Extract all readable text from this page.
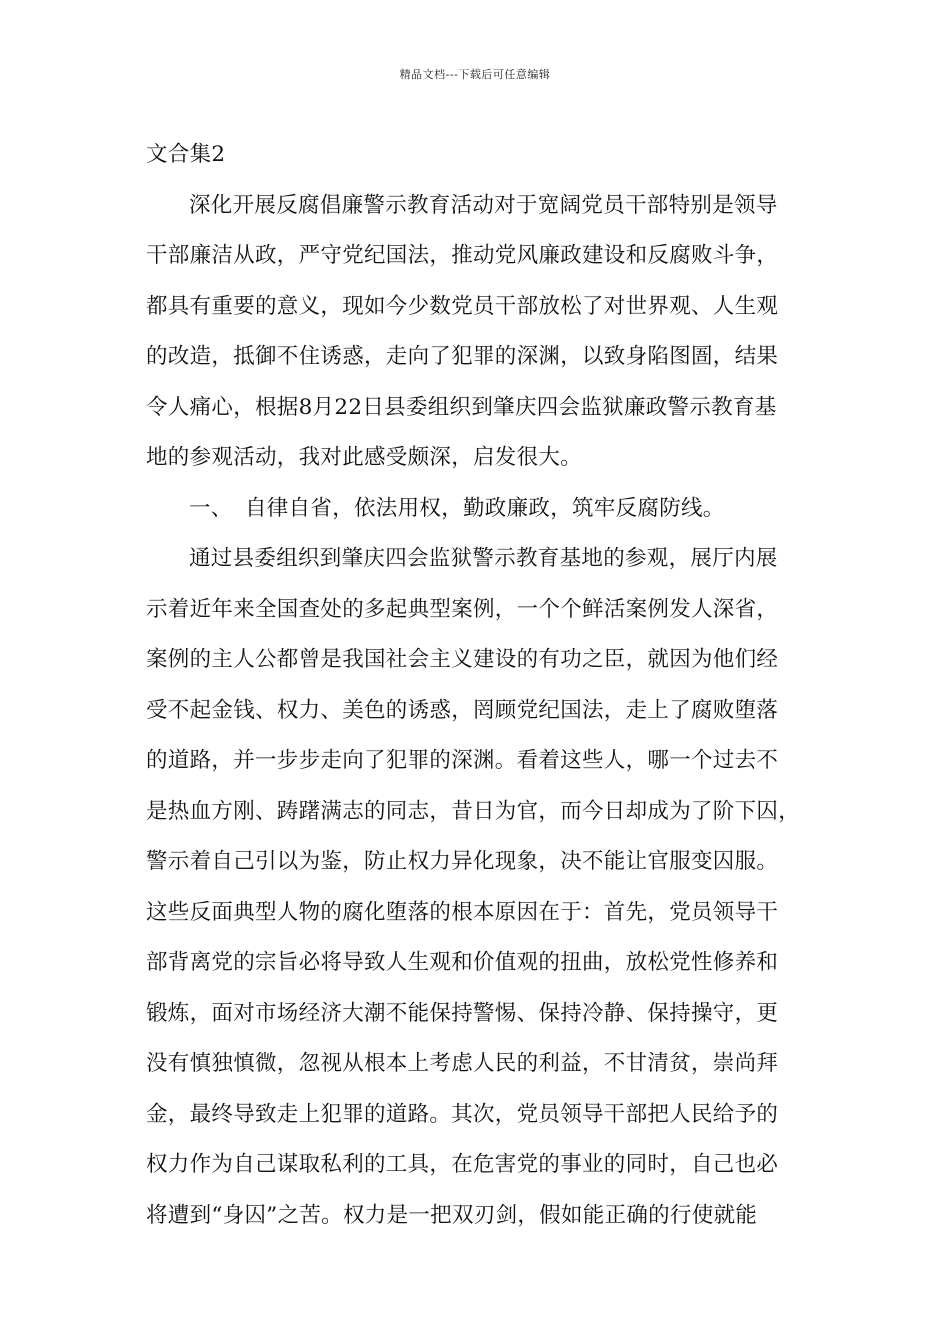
精品文档---下载后可任意编辑
文合集2
深化开展反腐倡廉警示教育活动对于宽阔党员干部特别是领导
干部廉洁从政，严守党纪国法，推动党风廉政建设和反腐败斗争，
都具有重要的意义，现如今少数党员干部放松了对世界观、人生观
的改造，抵御不住诱惑，走向了犯罪的深渊，以致身陷图圄，结果
令人痛心，根据8月22日县委组织到肇庆四会监狱廉政警示教育基
地的参观活动，我对此感受颇深，启发很大。
一、 自律自省，依法用权，勤政廉政，筑牢反腐防线。
通过县委组织到肇庆四会监狱警示教育基地的参观，展厅内展
示着近年来全国查处的多起典型案例，一个个鲜活案例发人深省，
案例的主人公都曾是我国社会主义建设的有功之臣，就因为他们经
受不起金钱、权力、美色的诱惑，罔顾党纪国法，走上了腐败堕落
的道路，并一步步走向了犯罪的深渊。看着这些人，哪一个过去不
是热血方刚、踌躇满志的同志，昔日为官，而今日却成为了阶下囚，
警示着自己引以为鉴，防止权力异化现象，决不能让官服变囚服。
这些反面典型人物的腐化堕落的根本原因在于：首先，党员领导干
部背离党的宗旨必将导致人生观和价值观的扭曲，放松党性修养和
锻炼，面对市场经济大潮不能保持警惕、保持冷静、保持操守，更
没有慎独慎微，忽视从根本上考虑人民的利益，不甘清贫，崇尚拜
金，最终导致走上犯罪的道路。其次，党员领导干部把人民给予的
权力作为自己谋取私利的工具，在危害党的事业的同时，自己也必
将遭到“身囚”之苦。权力是一把双刃剑，假如能正确的行使就能
